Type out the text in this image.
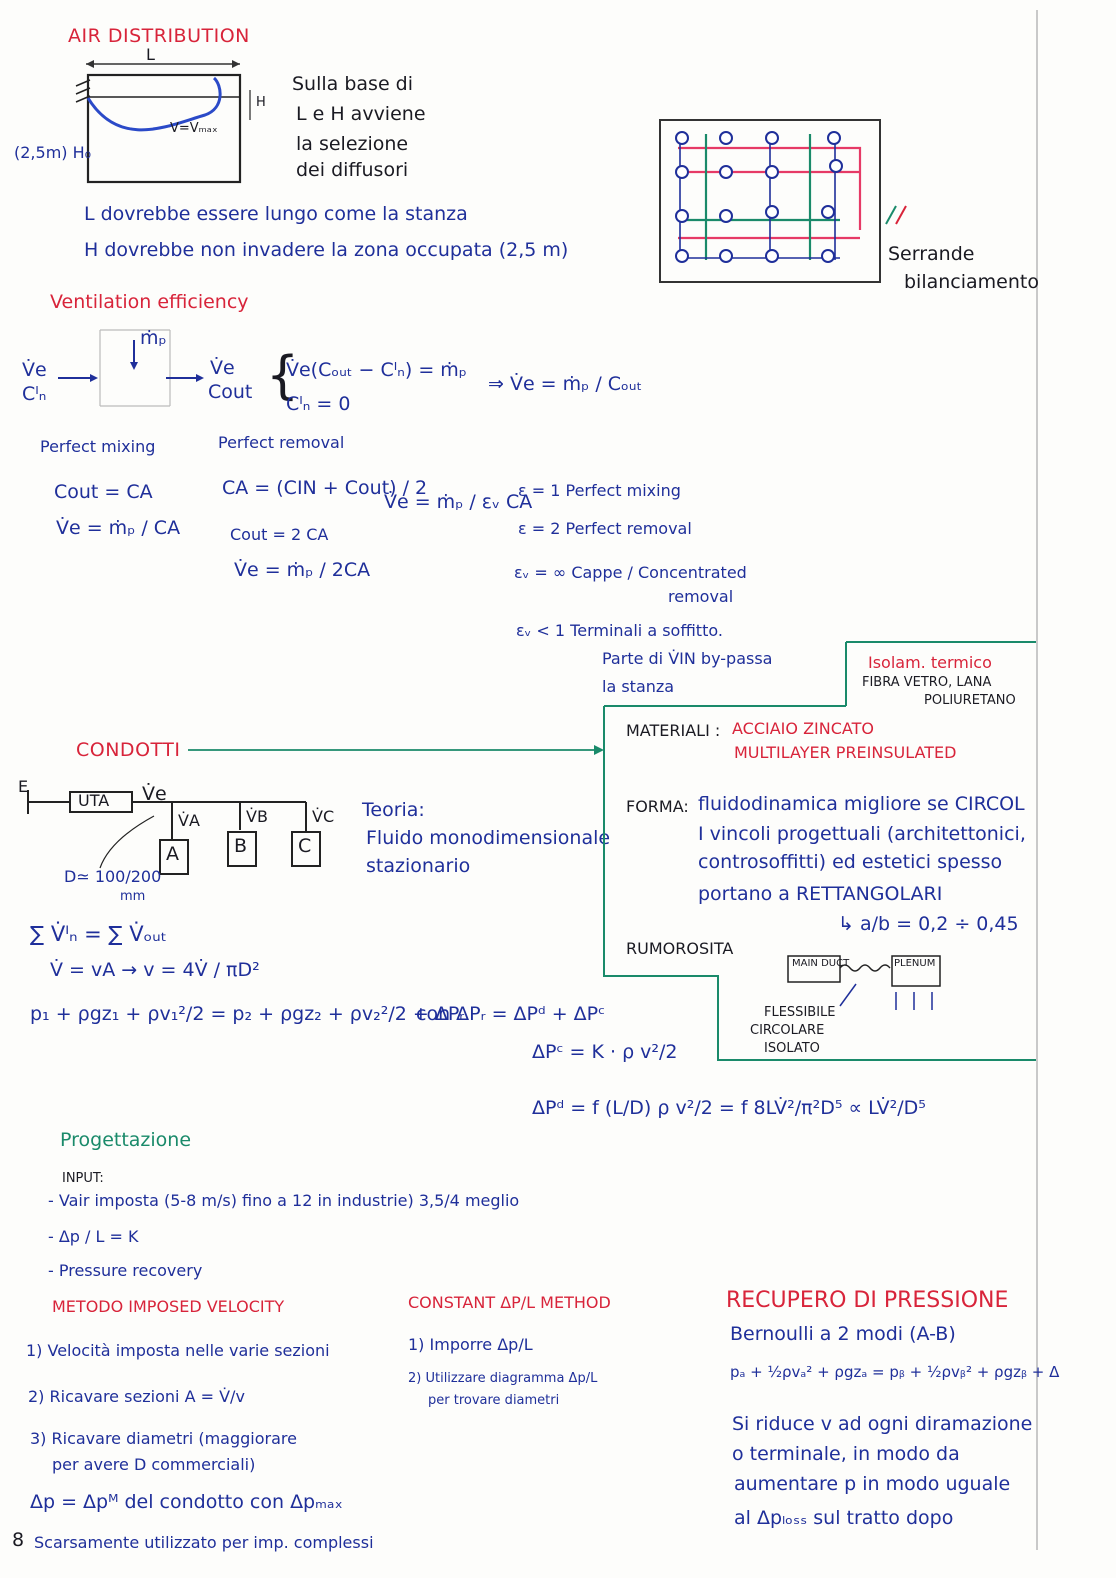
AIR DISTRIBUTION
L
H
V=Vₘₐₓ
(2,5m) H₀
Sulla base di
L e H avviene
la selezione
dei diffusori
L dovrebbe essere lungo come la stanza
H dovrebbe non invadere la zona occupata (2,5 m)	Serrande
bilanciamento
Ventilation efficiency
ṁₚ
V̇e
Cᴵₙ
V̇e
Cout {
V̇e(Cₒᵤₜ − Cᴵₙ) = ṁₚ
Cᴵₙ = 0
⇒ V̇e = ṁₚ / Cₒᵤₜ
Perfect mixing
Cout = CA
V̇e = ṁₚ / CA
Perfect removal
CA = (CIN + Cout) / 2
Cout = 2 CA
V̇e = ṁₚ / 2CA
V̇e = ṁₚ / εᵥ CA
ε = 1 Perfect mixing
ε = 2 Perfect removal
εᵥ = ∞ Cappe / Concentrated
removal
εᵥ < 1 Terminali a soffitto.
Parte di V̇IN by-passa
la stanza
CONDOTTI
E
UTA V̇e
V̇A	V̇B	V̇C
A	B	C
D≃ 100/200
mm
Teoria:
Fluido monodimensionale
stazionario
∑ V̇ᴵₙ = ∑ V̇ₒᵤₜ
V̇ = vA → v = 4V̇ / πD²
p₁ + ρgz₁ + ρv₁²/2 = p₂ + ρgz₂ + ρv₂²/2 + ΔPᵣ
con ΔPᵣ = ΔPᵈ + ΔPᶜ
ΔPᶜ = K · ρ v²/2
ΔPᵈ = f (L/D) ρ v²/2 = f 8LV̇²/π²D⁵ ∝ LV̇²/D⁵
Isolam. termico
FIBRA VETRO, LANA
POLIURETANO
MATERIALI : ACCIAIO ZINCATO
MULTILAYER PREINSULATED
FORMA: fluidodinamica migliore se CIRCOL
I vincoli progettuali (architettonici,
controsoffitti) ed estetici spesso
portano a RETTANGOLARI
↳ a/b = 0,2 ÷ 0,45
RUMOROSITA
MAIN DUCT	PLENUM
FLESSIBILE
CIRCOLARE
ISOLATO
Progettazione
INPUT:
- Vair imposta (5-8 m/s) fino a 12 in industrie) 3,5/4 meglio
- Δp / L = K
- Pressure recovery
METODO IMPOSED VELOCITY
1) Velocità imposta nelle varie sezioni
2) Ricavare sezioni A = V̇/v
3) Ricavare diametri (maggiorare
per avere D commerciali)
Δp = Δpᴹ del condotto con Δpₘₐₓ
8 Scarsamente utilizzato per imp. complessi
CONSTANT ΔP/L METHOD
1) Imporre Δp/L
2) Utilizzare diagramma Δp/L
per trovare diametri
RECUPERO DI PRESSIONE
Bernoulli a 2 modi (A-B)
pₐ + ½ρvₐ² + ρgzₐ = pᵦ + ½ρvᵦ² + ρgzᵦ + Δ
Si riduce v ad ogni diramazione
o terminale, in modo da
aumentare p in modo uguale
al Δpₗₒₛₛ sul tratto dopo
